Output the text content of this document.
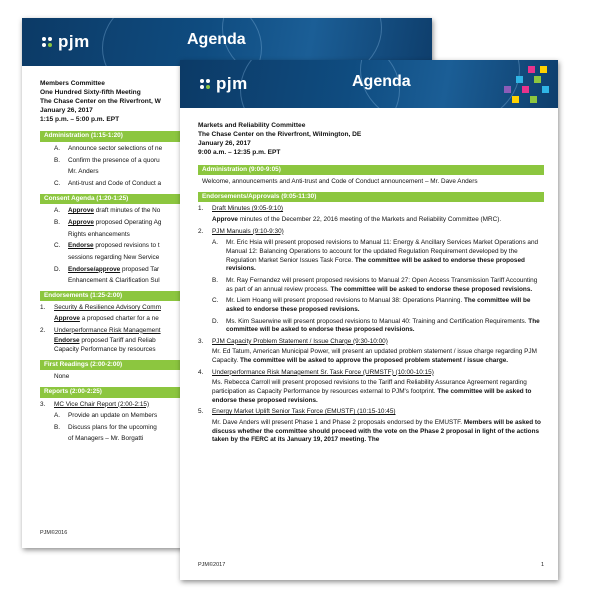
pjm	Agenda
Members Committee
One Hundred Sixty-fifth Meeting
The Chase Center on the Riverfront, W
January 26, 2017
1:15 p.m. – 5:00 p.m. EPT
Administration (1:15-1:20)
A.	Announce sector selections of ne
B.	Confirm the presence of a quoru
Mr. Anders
C.	Anti-trust and Code of Conduct a
Consent Agenda (1:20-1:25)
A.	Approve draft minutes of the No
B.	Approve proposed Operating Ag
Rights enhancements
C.	Endorse proposed revisions to t
sessions regarding New Service
D.	Endorse/approve proposed Tar
Enhancement & Clarification Sul
Endorsements (1:25-2:00)
1. Security & Resilience Advisory Comm
Approve a proposed charter for a ne
2. Underperformance Risk Management
Endorse proposed Tariff and Reliab
Capacity Performance by resources
First Readings (2:00-2:00)
None
Reports (2:00-2:25)
3. MC Vice Chair Report (2:00-2:15)
A.	Provide an update on Members
B.	Discuss plans for the upcoming
of Managers – Mr. Borgatti
PJM©2016
pjm	Agenda
Markets and Reliability Committee
The Chase Center on the Riverfront, Wilmington, DE
January 26, 2017
9:00 a.m. – 12:35 p.m. EPT
Administration (9:00-9:05)
Welcome, announcements and Anti-trust and Code of Conduct announcement – Mr. Dave Anders
Endorsements/Approvals (9:05-11:30)
1. Draft Minutes (9:05-9:10)
Approve minutes of the December 22, 2016 meeting of the Markets and Reliability Committee (MRC).
2. PJM Manuals (9:10-9:30)
A.	Mr. Eric Hsia will present proposed revisions to Manual 11: Energy & Ancillary Services Market Operations and Manual 12: Balancing Operations to account for the updated Regulation Requirement developed by the Regulation Market Senior Issues Task Force. The committee will be asked to endorse these proposed revisions.
B.	Mr. Ray Fernandez will present proposed revisions to Manual 27: Open Access Transmission Tariff Accounting as part of an annual review process. The committee will be asked to endorse these proposed revisions.
C.	Mr. Liem Hoang will present proposed revisions to Manual 38: Operations Planning. The committee will be asked to endorse these proposed revisions.
D.	Ms. Kim Sauerwine will present proposed revisions to Manual 40: Training and Certification Requirements. The committee will be asked to endorse these proposed revisions.
3. PJM Capacity Problem Statement / Issue Charge (9:30-10:00)
Mr. Ed Tatum, American Municipal Power, will present an updated problem statement / issue charge regarding PJM Capacity. The committee will be asked to approve the proposed problem statement / issue charge.
4. Underperformance Risk Management Sr. Task Force (URMSTF) (10:00-10:15)
Ms. Rebecca Carroll will present proposed revisions to the Tariff and Reliability Assurance Agreement regarding participation as Capacity Performance by resources external to PJM's footprint. The committee will be asked to endorse these proposed revisions.
5. Energy Market Uplift Senior Task Force (EMUSTF) (10:15-10:45)
Mr. Dave Anders will present Phase 1 and Phase 2 proposals endorsed by the EMUSTF. Members will be asked to discuss whether the committee should proceed with the vote on the Phase 2 proposal in light of the actions taken by the FERC at its January 19, 2017 meeting. The
PJM©2017	1
